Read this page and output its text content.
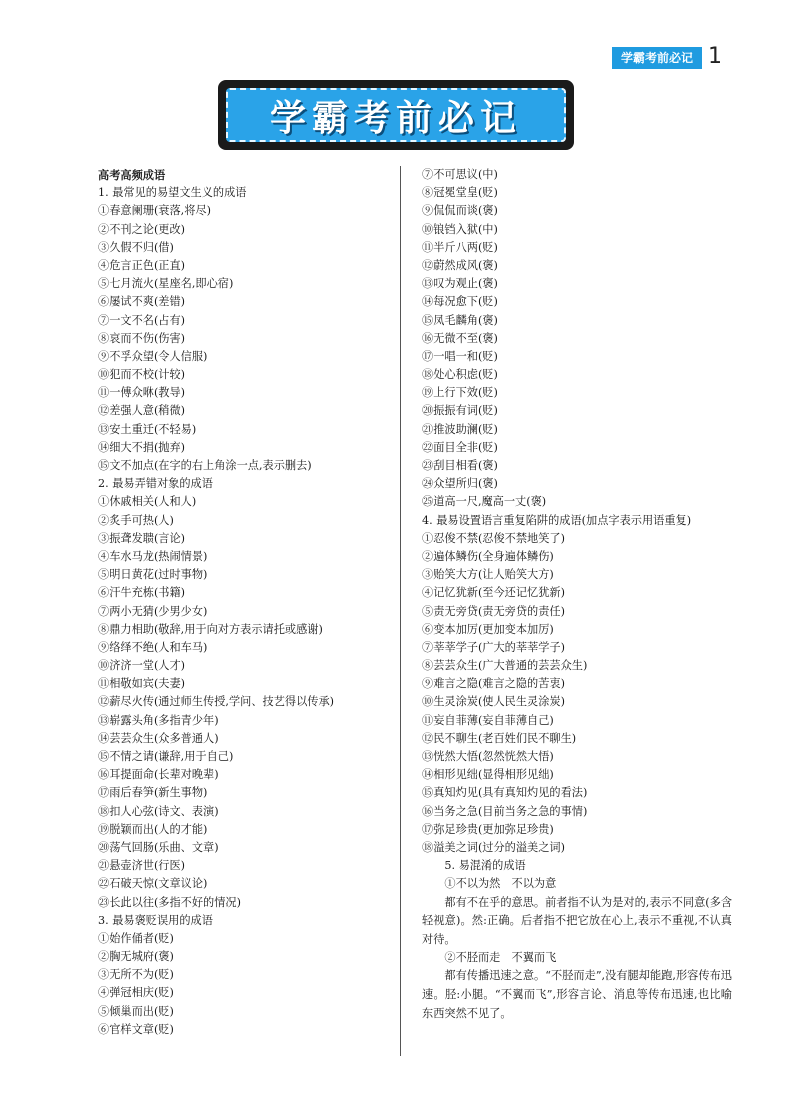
学霸考前必记 1
学霸考前必记
高考高频成语
1. 最常见的易望文生义的成语
①春意阑珊(衰落,将尽)
②不刊之论(更改)
③久假不归(借)
④危言正色(正直)
⑤七月流火(星座名,即心宿)
⑥屡试不爽(差错)
⑦一文不名(占有)
⑧哀而不伤(伤害)
⑨不孚众望(令人信服)
⑩犯而不校(计较)
⑪一傅众咻(教导)
⑫差强人意(稍微)
⑬安土重迁(不轻易)
⑭细大不捐(抛弃)
⑮文不加点(在字的右上角涂一点,表示删去)
2. 最易弄错对象的成语
①休戚相关(人和人)
②炙手可热(人)
③振聋发聩(言论)
④车水马龙(热闹情景)
⑤明日黄花(过时事物)
⑥汗牛充栋(书籍)
⑦两小无猜(少男少女)
⑧鼎力相助(敬辞,用于向对方表示请托或感谢)
⑨络绎不绝(人和车马)
⑩济济一堂(人才)
⑪相敬如宾(夫妻)
⑫薪尽火传(通过师生传授,学问、技艺得以传承)
⑬崭露头角(多指青少年)
⑭芸芸众生(众多普通人)
⑮不情之请(谦辞,用于自己)
⑯耳提面命(长辈对晚辈)
⑰雨后春笋(新生事物)
⑱扣人心弦(诗文、表演)
⑲脱颖而出(人的才能)
⑳荡气回肠(乐曲、文章)
㉑悬壶济世(行医)
㉒石破天惊(文章议论)
㉓长此以往(多指不好的情况)
3. 最易褒贬误用的成语
①始作俑者(贬)
②胸无城府(褒)
③无所不为(贬)
④弹冠相庆(贬)
⑤倾巢而出(贬)
⑥官样文章(贬)
⑦不可思议(中)
⑧冠冕堂皇(贬)
⑨侃侃而谈(褒)
⑩锒铛入狱(中)
⑪半斤八两(贬)
⑫蔚然成风(褒)
⑬叹为观止(褒)
⑭每况愈下(贬)
⑮凤毛麟角(褒)
⑯无微不至(褒)
⑰一唱一和(贬)
⑱处心积虑(贬)
⑲上行下效(贬)
⑳振振有词(贬)
㉑推波助澜(贬)
㉒面目全非(贬)
㉓刮目相看(褒)
㉔众望所归(褒)
㉕道高一尺,魔高一丈(褒)
4. 最易设置语言重复陷阱的成语(加点字表示用语重复)
①忍俊不禁(忍俊不禁地笑了)
②遍体鳞伤(全身遍体鳞伤)
③贻笑大方(让人贻笑大方)
④记忆犹新(至今还记忆犹新)
⑤责无旁贷(责无旁贷的责任)
⑥变本加厉(更加变本加厉)
⑦莘莘学子(广大的莘莘学子)
⑧芸芸众生(广大普通的芸芸众生)
⑨难言之隐(难言之隐的苦衷)
⑩生灵涂炭(使人民生灵涂炭)
⑪妄自菲薄(妄自菲薄自己)
⑫民不聊生(老百姓们民不聊生)
⑬恍然大悟(忽然恍然大悟)
⑭相形见绌(显得相形见绌)
⑮真知灼见(具有真知灼见的看法)
⑯当务之急(目前当务之急的事情)
⑰弥足珍贵(更加弥足珍贵)
⑱溢美之词(过分的溢美之词)
5. 易混淆的成语
①不以为然　不以为意

都有不在乎的意思。前者指不认为是对的,表示不同意(多含轻视意)。然:正确。后者指不把它放在心上,表示不重视,不认真对待。

②不胫而走　不翼而飞

都有传播迅速之意。“不胫而走”,没有腿却能跑,形容传布迅速。胫:小腿。“不翼而飞”,形容言论、消息等传布迅速,也比喻东西突然不见了。
